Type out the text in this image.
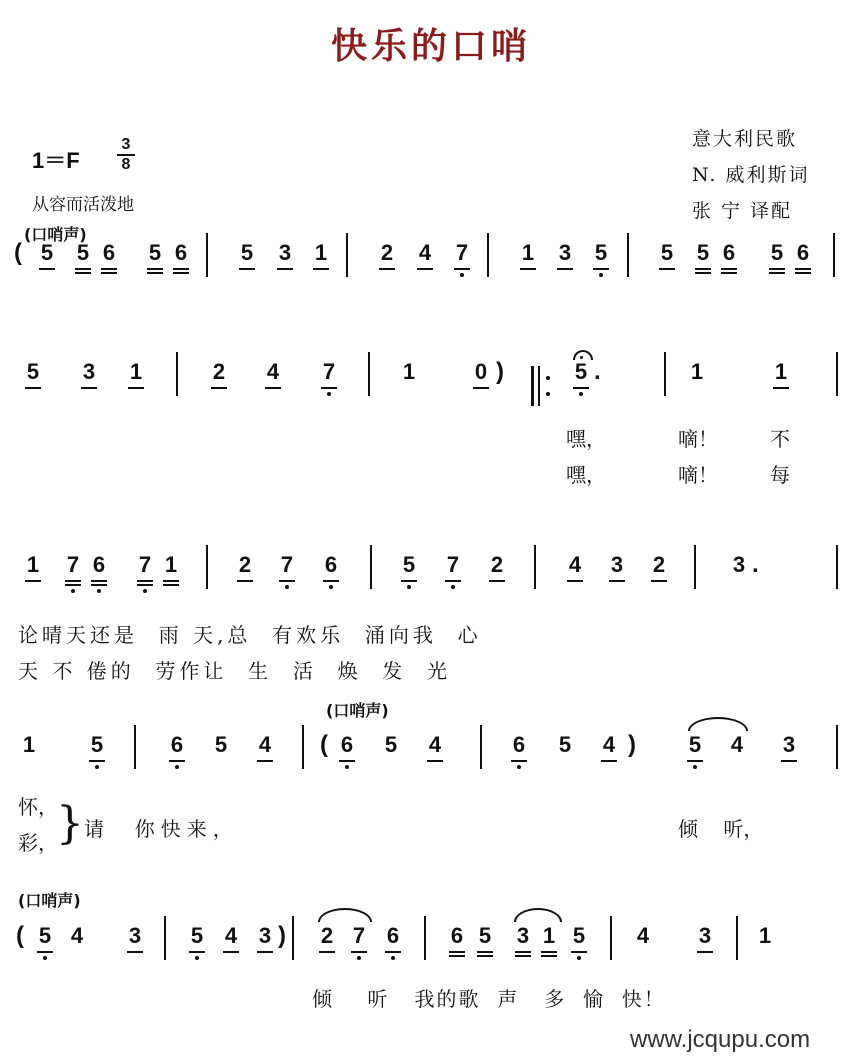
快乐的口哨
1＝F
3
8
从容而活泼地
(口哨声)
意大利民歌
N. 威利斯词
张 宁 译配
5 5 6 5 6 5 3 1 2 4 7 1 3 5 5 5 6 5 6
(
5 3 1	2 4 7	1	0	5	1	1
)	.
1 7 6 7 1	2 7 6	5 7 2	4 3 2	3 .
1	5	6 5 4	6 5 4	6 5 4	5 4 3
(	)
5 4 3 5 4 3 2 7 6 6 5 3 1 5 4 3 1
(	)
嘿，	嘀！	不
嘿，	嘀！	每
论晴天还是  雨 天,总  有欢乐  涌向我  心
天 不 倦的  劳作让  生  活  焕  发  光
(口哨声)
怀，
彩，
} 请  你快来，	倾    听，
(口哨声)
倾    听   我的歌  声   多  愉  快！
www.jcqupu.com
